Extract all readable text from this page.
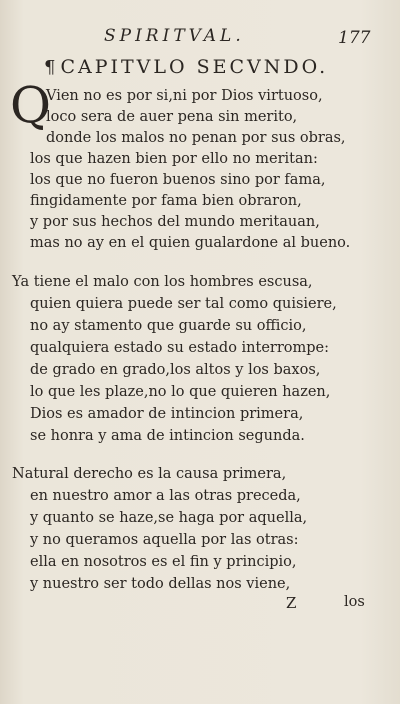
SPIRITVAL.	177
¶ CAPITVLO SECVNDO.
Q
Vien no es por si,ni por Dios virtuoso,
loco sera de auer pena sin merito,
donde los malos no penan por sus obras,
los que hazen bien por ello no meritan:
los que no fueron buenos sino por fama,
fingidamente por fama bien obraron,
y por sus hechos del mundo meritauan,
mas no ay en el quien gualardone al bueno.
Ya tiene el malo con los hombres escusa,
quien quiera puede ser tal como quisiere,
no ay stamento que guarde su officio,
qualquiera estado su estado interrompe:
de grado en grado,los altos y los baxos,
lo que les plaze,no lo que quieren hazen,
Dios es amador de intincion primera,
se honra y ama de intincion segunda.
Natural derecho es la causa primera,
en nuestro amor a las otras preceda,
y quanto se haze,se haga por aquella,
y no queramos aquella por las otras:
ella en nosotros es el fin y principio,
y nuestro ser todo dellas nos viene,
Z	los
